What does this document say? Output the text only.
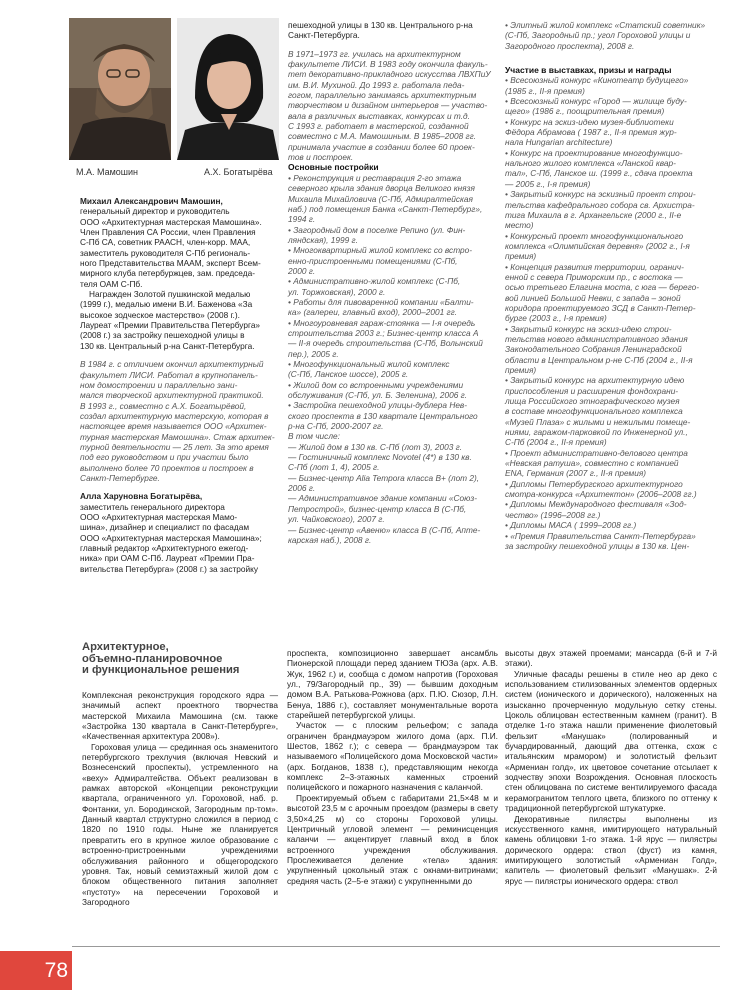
М.А. Мамошин	А.Х. Богатырёва

Михаил Александрович Мамошин,

генеральный директор и руководитель

ООО «Архитектурная мастерская Мамошина».

Член Правления СА России, член Правления

С-Пб СА, советник РААСН, член-корр. МАА,

заместитель руководителя С-Пб региональ-

ного Представительства МААМ, эксперт Всем-

мирного клуба петербуржцев, зам. председа-

теля ОАМ С-Пб.

Награжден Золотой пушкинской медалью

(1999 г.), медалью имени В.И. Баженова «За

высокое зодческое мастерство» (2008 г.).

Лауреат «Премии Правительства Петербурга»

(2008 г.) за застройку пешеходной улицы в

130 кв. Центральный р-на Санкт-Петербурга.

В 1984 г. с отличием окончил архитектурный

факультет ЛИСИ. Работал в крупнопанель-

ном домостроении и параллельно зани-

мался творческой архитектурной практикой.

В 1993 г., совместно с А.Х. Богатырёвой,

создал архитектурную мастерскую, которая в

настоящее время называется ООО «Архитек-

турная мастерская Мамошина». Стаж архитек-

турной деятельности — 25 лет. За это время

под его руководством и при участии было

выполнено более 70 проектов и построек в

Санкт-Петербурге.

Алла Харуновна Богатырёва,

заместитель генерального директора

ООО «Архитектурная мастерская Мамо-

шина», дизайнер и специалист по фасадам

ООО «Архитектурная мастерская Мамошина»;

главный редактор «Архитектурного ежегод-

ника» при ОАМ С-Пб. Лауреат «Премии Пра-

вительства Петербурга» (2008 г.) за застройку

пешеходной улицы в 130 кв. Центрального р-на

Санкт-Петербурга.

В 1971–1973 гг. училась на архитектурном

факультете ЛИСИ. В 1983 году окончила факуль-

тет декоративно-прикладного искусства ЛВХПиУ

им. В.И. Мухиной. До 1993 г. работала педа-

гогом, параллельно занимаясь архитектурным

творчеством и дизайном интерьеров — участво-

вала в различных выставках, конкурсах и т.д.

С 1993 г. работает в мастерской, созданной

совместно с М.А. Мамошиным. В 1985–2008 гг.

принимала участие в создании более 60 проек-

тов и построек.

Основные постройки

• Реконструкция и реставрация 2-го этажа

северного крыла здания дворца Великого князя

Михаила Михайловича (С-Пб, Адмиралтейская

наб.) под помещения Банка «Санкт-Петербург»,

1994 г.

• Загородный дом в поселке Репино (ул. Фин-

ляндская), 1999 г.

• Многоквартирный жилой комплекс со встро-

енно-пристроенными помещениями (С-Пб,

2000 г.

• Административно-жилой комплекс (С-Пб,

ул. Торжковская), 2000 г.

• Работы для пивоваренной компании «Балти-

ка» (галереи, главный вход), 2000–2001 гг.

• Многоуровневая гараж-стоянка — I-я очередь

строительства 2003 г.; Бизнес-центр класса А

— II-я очередь строительства (С-Пб, Волынский

пер.), 2005 г.

• Многофункциональный жилой комплекс

(С-Пб, Ланское шоссе), 2005 г.

• Жилой дом со встроенными учреждениями

обслуживания (С-Пб, ул. Б. Зеленина), 2006 г.

• Застройка пешеходной улицы-дублера Нев-

ского проспекта в 130 квартале Центрального

р-на С-Пб, 2000-2007 гг.

В том числе:

— Жилой дом в 130 кв. С-Пб (лот 3), 2003 г.

— Гостиничный комплекс Novotel (4*) в 130 кв.

С-Пб (лот 1, 4), 2005 г.

— Бизнес-центр Alia Tempora класса В+ (лот 2),

2006 г.

— Административное здание компании «Союз-

Петрострой», бизнес-центр класса В (С-Пб,

ул. Чайковского), 2007 г.

— Бизнес-центр «Авеню» класса В (С-Пб, Аптe-

карская наб.), 2008 г.

• Элитный жилой комплекс «Статский советник»

(С-Пб, Загородный пр.; угол Гороховой улицы и

Загородного проспекта), 2008 г.

Участие в выставках, призы и награды

• Всесоюзный конкурс «Кинотеатр будущего»

(1985 г., II-я премия)

• Всесоюзный конкурс «Город — жилище буду-

щего» (1986 г., поощрительная премия)

• Конкурс на эскиз-идею музея-библиотеки

Фёдора Абрамова ( 1987 г., II-я премия жур-

нала Hungarian architecture)

• Конкурс на проектирование многофункцио-

нального жилого комплекса «Ланской квар-

тал», С-Пб, Ланское ш. (1999 г., сдача проекта

— 2005 г., I-я премия)

• Закрытый конкурс на эскизный проект строи-

тельства кафедрального собора св. Архистра-

тига Михаила в г. Архангельске (2000 г., II-е

место)

• Конкурсный проект многофункционального

комплекса «Олимпийская деревня» (2002 г., I-я

премия)

• Концепция развития территории, огранич-

енной с севера Приморским пр., с востока —

осью третьего Елагина моста, с юга — берего-

вой линией Большой Невки, с запада – зоной

коридора проектируемого ЗСД в Санкт-Петер-

бурге (2003 г., I-я премия)

• Закрытый конкурс на эскиз-идею строи-

тельства нового административного здания

Законодательного Собрания Ленинградской

области в Центральном р-не С-Пб (2004 г., II-я

премия)

• Закрытый конкурс на архитектурную идею

приспособления и расширения фондохрани-

лища Российского этнографического музея

в составе многофункционального комплекса

«Музей Плаза» с жилыми и нежилыми помеще-

ниями, гаражом-парковкой по Инженерной ул.,

С-Пб (2004 г., II-я премия)

• Проект административно-делового центра

«Невская ратуша», совместно с компанией

ENA, Германия (2007 г., II-я премия)

• Дипломы Петербургского архитектурного

смотра-конкурса «Архитектон» (2006–2008 гг.)

• Дипломы Международного фестиваля «Зод-

чество» (1996–2008 гг.)

• Дипломы МАСА ( 1999–2008 гг.)

• «Премия Правительства Санкт-Петербурга»

за застройку пешеходной улицы в 130 кв. Цен-

Архитектурное,
объемно-планировочное
и функциональное решения

Комплексная реконструкция городского ядра — значимый аспект проектного творчества мастерской Михаила Мамошина (см. также «Застройка 130 квартала в Санкт-Петербурге», «Качественная архитектура 2008»).

Гороховая улица — срединная ось знаменитого петербургского трехлучия (включая Невский и Вознесенский проспекты), устремленного на «вехy» Адмиралтейства. Объект реализован в рамках авторской «Концепции реконструкции квартала, ограниченного ул. Гороховой, наб. р. Фонтанки, ул. Бородинской, Загородным пр-том». Данный квартал структурно сложился в период с 1820 по 1910 годы. Ныне же планируется превратить его в крупное жилое образование с встроенно-пристроенными учреждениями обслуживания районного и общегородского уровня. Так, новый семиэтажный жилой дом с блоком общественного питания заполняет «пустоту» на пересечении Гороховой и Загородного

проспекта, композиционно завершает ансамбль Пионерской площади перед зданием ТЮЗа (арх. А.В. Жук, 1962 г.) и, сообща с домом напротив (Гороховая ул., 79/Загородный пр., 39) — бывшим доходным домом В.А. Ратькова-Рожнова (арх. П.Ю. Сюзор, Л.Н. Бенуа, 1886 г.), составляет монументальные ворота старейшей петербургской улицы.

Участок — с плоским рельефом; с запада ограничен брандмауэром жилого дома (арх. П.И. Шестов, 1862 г.); с севера — брандмауэром так называемого «Полицейского дома Московской части» (арх. Богданов, 1838 г.), представляющим некогда комплекс 2–3-этажных каменных строений полицейского и пожарного назначения с каланчой.

Проектируемый объем с габаритами 21,5×48 м и высотой 23,5 м с арочным проездом (размеры в свету 3,50×4,25 м) со стороны Гороховой улицы. Центричный угловой элемент — реминисценция каланчи — акцентирует главный вход в блок встроенного учреждения обслуживания. Прослеживается деление «тела» здания: укрупненный цокольный этаж с окнами-витринами; средняя часть (2–5-е этажи) с укрупненными до

высоты двух этажей проемами; мансарда (6-й и 7-й этажи).

Уличные фасады решены в стиле нео ар деко с использованием стилизованных элементов ордерных систем (ионического и дорического), наложенных на изысканно прочерченную модульную сетку стены. Цоколь облицован естественным камнем (гранит). В отделке 1-го этажа нашли применение фиолетовый фельзит «Манушак» (полированный и бучардированный, дающий два оттенка, схож с итальянским мрамором) и золотистый фельзит «Армениан голд», их цветовое сочетание отсылает к зодчеству эпохи Возрождения. Основная плоскость стен облицована по системе вентилируемого фасада керамогранитом теплого цвета, близкого по оттенку к традиционной петербургской штукатурке.

Декоративные пилястры выполнены из искусственного камня, имитирующего натуральный камень облицовки 1-го этажа. 1-й ярус — пилястры дорического ордера: ствол (фуст) из камня, имитирующего золотистый «Армениан Голд», капитель — фиолетовый фельзит «Манушак». 2-й ярус — пилястры ионического ордера: ствол

78
